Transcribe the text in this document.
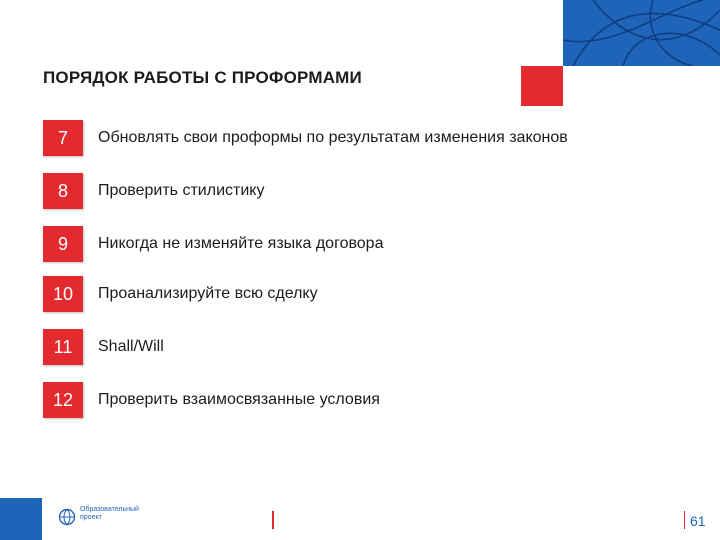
ПОРЯДОК РАБОТЫ С ПРОФОРМАМИ
7	Обновлять свои проформы по результатам изменения законов
8	Проверить стилистику
9	Никогда не изменяйте языка договора
10	Проанализируйте всю сделку
11	Shall/Will
12	Проверить взаимосвязанные условия
Образовательный
проект	61
